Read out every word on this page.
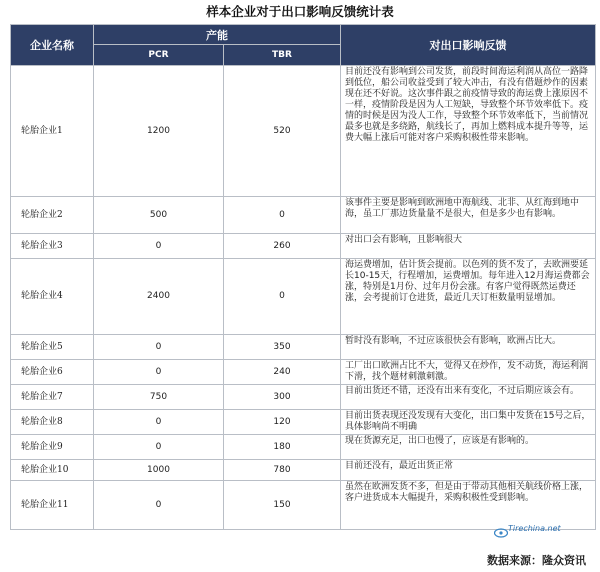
样本企业对于出口影响反馈统计表
企业名称	产能		对出口影响反馈
	PCR	TBR	
轮胎企业1	1200	520	目前还没有影响到公司发货，前段时间海运利润从高位一路降到低位，船公司收益受到了较大冲击，有没有借题炒作的因素现在还不好说。这次事件跟之前疫情导致的海运费上涨原因不一样，疫情阶段是因为人工短缺，导致整个环节效率低下。疫情的时候是因为没人工作，导致整个环节效率低下，当前情况最多也就是多绕路，航线长了，再加上燃料成本提升等等，运费大幅上涨后可能对客户采购积极性带来影响。
轮胎企业2	500	0	该事件主要是影响到欧洲地中海航线、北非、从红海到地中海，虽工厂那边货量量不是很大，但是多少也有影响。
轮胎企业3	0	260	对出口会有影响，且影响很大
轮胎企业4	2400	0	海运费增加，估计货会提前。以色列的货不发了，去欧洲要延长10-15天，行程增加，运费增加。每年进入12月海运费都会涨，特别是1月份、过年月份会涨。有客户觉得既然运费还涨，会考提前订仓进货，最近几天订柜数量明显增加。
轮胎企业5	0	350	暂时没有影响，不过应该很快会有影响，欧洲占比大。
轮胎企业6	0	240	工厂出口欧洲占比不大，觉得又在炒作，发不动货，海运利润下滑，找个题材刺激刺激。
轮胎企业7	750	300	目前出货还不错，还没有出来有变化，不过后期应该会有。
轮胎企业8	0	120	目前出货表现还没发现有大变化，出口集中发货在15号之后，具体影响尚不明确
轮胎企业9	0	180	现在货源充足，出口也慢了，应该是有影响的。
轮胎企业10	1000	780	目前还没有，最近出货正常
轮胎企业11	0	150	虽然在欧洲发货不多，但是由于带动其他相关航线价格上涨，客户进货成本大幅提升，采购积极性受到影响。
Tirechina.net
数据来源：隆众资讯
